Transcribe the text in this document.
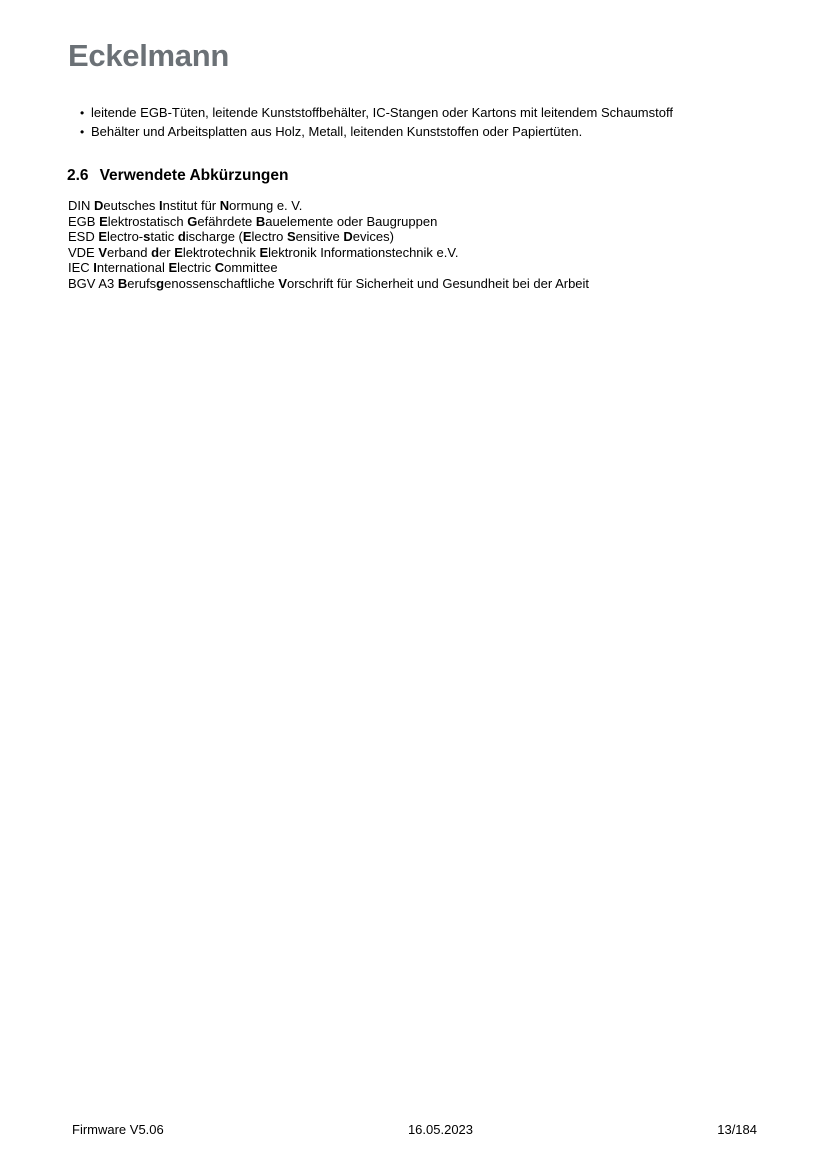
Eckelmann
• leitende EGB-Tüten, leitende Kunststoffbehälter, IC-Stangen oder Kartons mit leitendem Schaumstoff
• Behälter und Arbeitsplatten aus Holz, Metall, leitenden Kunststoffen oder Papiertüten.
2.6 Verwendete Abkürzungen
DIN Deutsches Institut für Normung e. V.
EGB Elektrostatisch Gefährdete Bauelemente oder Baugruppen
ESD Electro-static discharge (Electro Sensitive Devices)
VDE Verband der Elektrotechnik Elektronik Informationstechnik e.V.
IEC International Electric Committee
BGV A3 Berufsgenossenschaftliche Vorschrift für Sicherheit und Gesundheit bei der Arbeit
Firmware V5.06	16.05.2023	13/184
